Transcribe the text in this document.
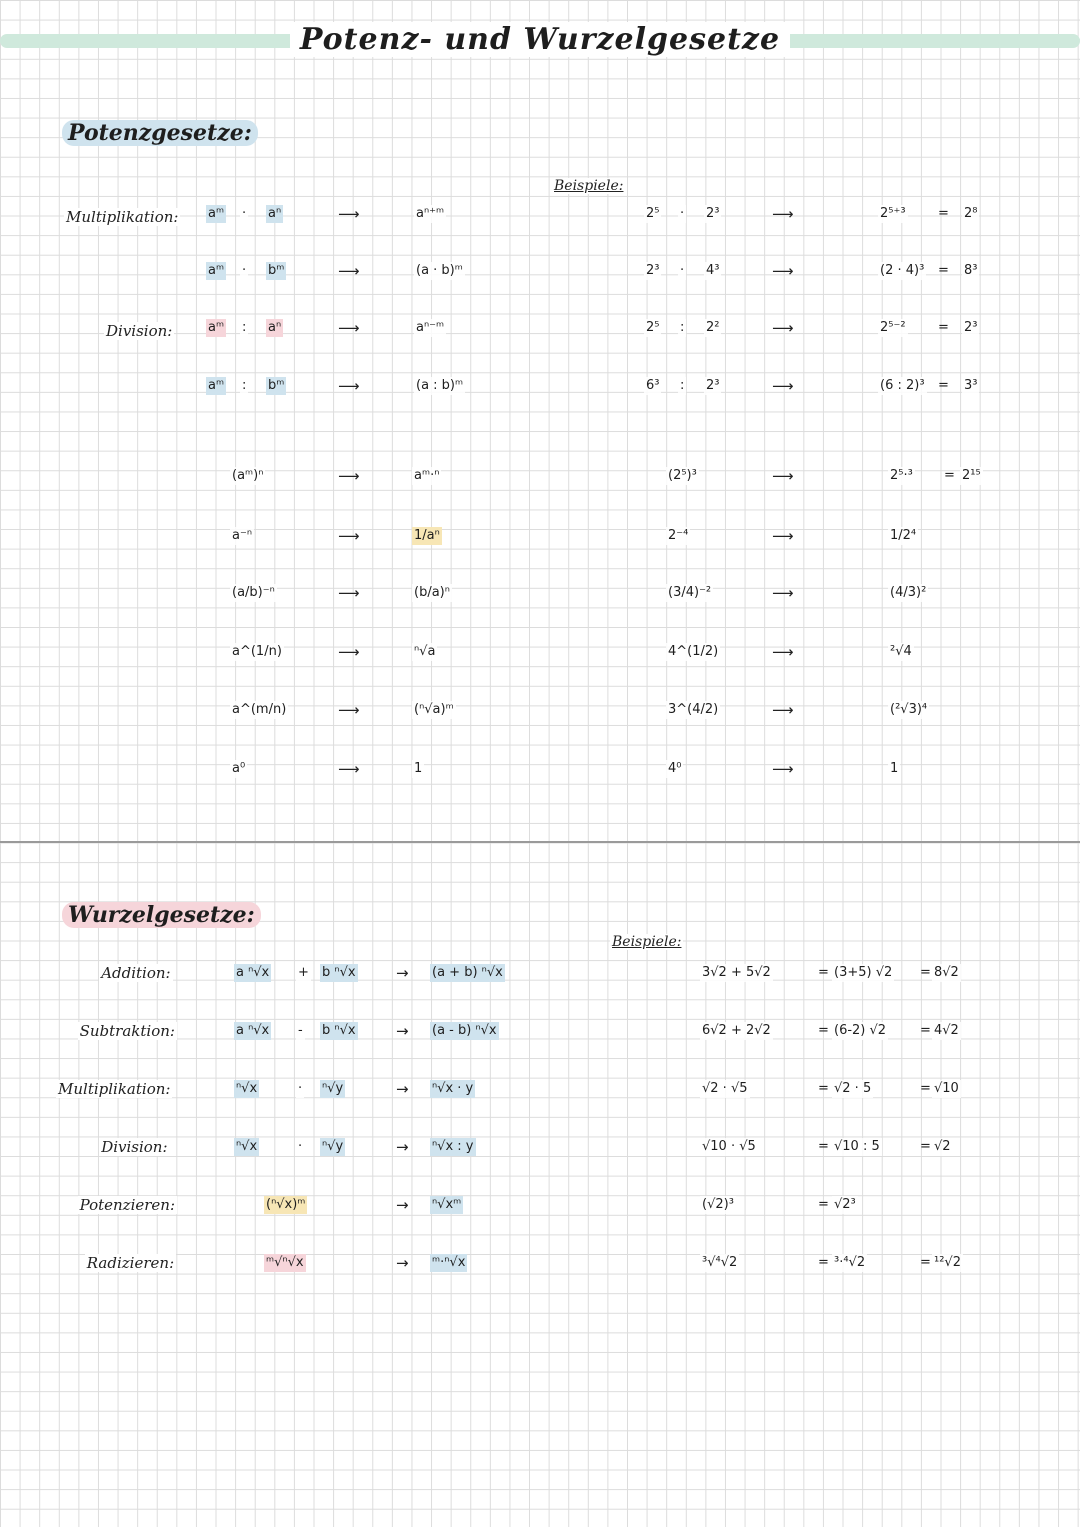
Potenz- und Wurzelgesetze
Potenzgesetze:
Beispiele:
Multiplikation:
Division:
aᵐ · aⁿ	⟶	aⁿ⁺ᵐ	2⁵ · 2³	⟶	2⁵⁺³ = 2⁸
aᵐ · bᵐ	⟶	(a · b)ᵐ	2³ · 4³	⟶	(2 · 4)³ = 8³
aᵐ : aⁿ	⟶	aⁿ⁻ᵐ	2⁵ : 2²	⟶	2⁵⁻² = 2³
aᵐ : bᵐ	⟶	(a : b)ᵐ	6³ : 2³	⟶	(6 : 2)³ = 3³
(aᵐ)ⁿ	⟶	aᵐ·ⁿ	(2⁵)³	⟶	2⁵·³ = 2¹⁵
a⁻ⁿ	⟶	1/aⁿ	2⁻⁴	⟶	1/2⁴
(a/b)⁻ⁿ	⟶	(b/a)ⁿ	(3/4)⁻²	⟶	(4/3)²
a^(1/n)	⟶	ⁿ√a	4^(1/2)	⟶	²√4
a^(m/n)	⟶	(ⁿ√a)ᵐ	3^(4/2)	⟶	(²√3)⁴
a⁰	⟶	1	4⁰	⟶	1
Wurzelgesetze:
Beispiele:
Addition:	a ⁿ√x + b ⁿ√x	→ (a + b) ⁿ√x	3√2 + 5√2	= (3+5) √2 = 8√2
Subtraktion:	a ⁿ√x - b ⁿ√x	→ (a - b) ⁿ√x	6√2 + 2√2	= (6-2) √2	= 4√2
Multiplikation:	ⁿ√x	· ⁿ√y	→ ⁿ√x · y	√2 · √5	= √2 · 5	= √10
Division:	ⁿ√x	· ⁿ√y	→ ⁿ√x : y	√10 · √5	= √10 : 5	= √2
Potenzieren:	(ⁿ√x)ᵐ	→ ⁿ√xᵐ	(√2)³	= √2³
Radizieren:	ᵐ√ⁿ√x	→ ᵐ·ⁿ√x	³√⁴√2	= ³·⁴√2	= ¹²√2
